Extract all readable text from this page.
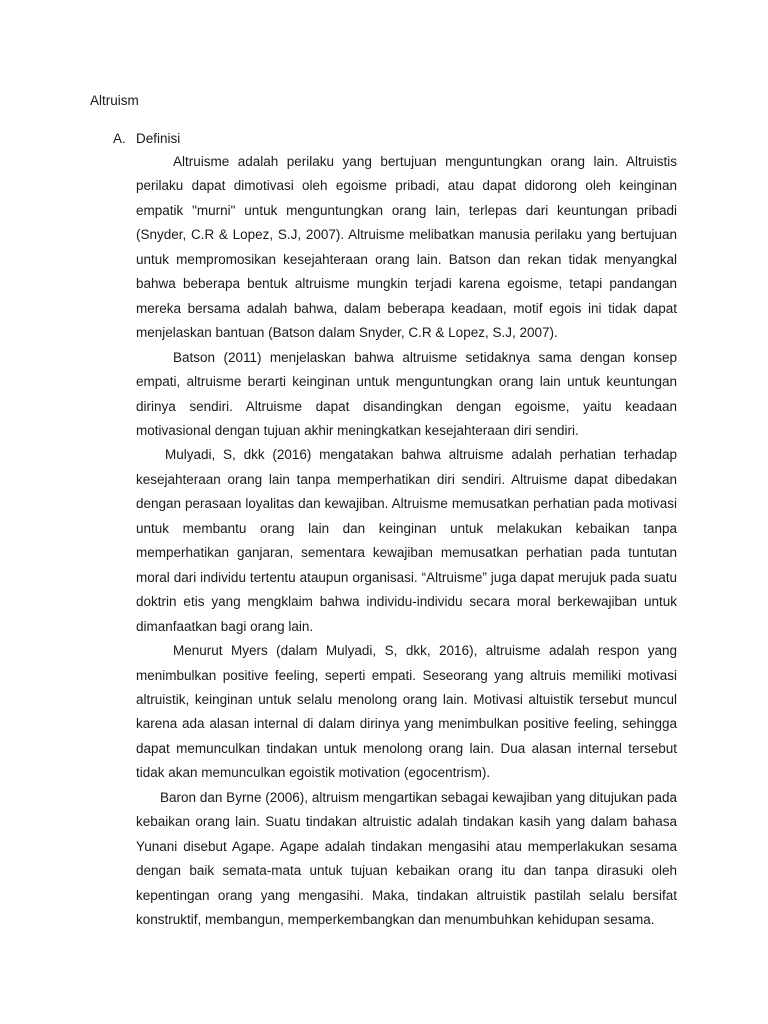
Altruism
A. Definisi

Altruisme adalah perilaku yang bertujuan menguntungkan orang lain. Altruistis perilaku dapat dimotivasi oleh egoisme pribadi, atau dapat didorong oleh keinginan empatik "murni" untuk menguntungkan orang lain, terlepas dari keuntungan pribadi (Snyder, C.R & Lopez, S.J, 2007). Altruisme melibatkan manusia perilaku yang bertujuan untuk mempromosikan kesejahteraan orang lain. Batson dan rekan tidak menyangkal bahwa beberapa bentuk altruisme mungkin terjadi karena egoisme, tetapi pandangan mereka bersama adalah bahwa, dalam beberapa keadaan, motif egois ini tidak dapat menjelaskan bantuan (Batson dalam Snyder, C.R & Lopez, S.J, 2007).

Batson (2011) menjelaskan bahwa altruisme setidaknya sama dengan konsep empati, altruisme berarti keinginan untuk menguntungkan orang lain untuk keuntungan dirinya sendiri. Altruisme dapat disandingkan dengan egoisme, yaitu keadaan motivasional dengan tujuan akhir meningkatkan kesejahteraan diri sendiri.

Mulyadi, S, dkk (2016) mengatakan bahwa altruisme adalah perhatian terhadap kesejahteraan orang lain tanpa memperhatikan diri sendiri. Altruisme dapat dibedakan dengan perasaan loyalitas dan kewajiban. Altruisme memusatkan perhatian pada motivasi untuk membantu orang lain dan keinginan untuk melakukan kebaikan tanpa memperhatikan ganjaran, sementara kewajiban memusatkan perhatian pada tuntutan moral dari individu tertentu ataupun organisasi. “Altruisme” juga dapat merujuk pada suatu doktrin etis yang mengklaim bahwa individu-individu secara moral berkewajiban untuk dimanfaatkan bagi orang lain.

Menurut Myers (dalam Mulyadi, S, dkk, 2016), altruisme adalah respon yang menimbulkan positive feeling, seperti empati. Seseorang yang altruis memiliki motivasi altruistik, keinginan untuk selalu menolong orang lain. Motivasi altuistik tersebut muncul karena ada alasan internal di dalam dirinya yang menimbulkan positive feeling, sehingga dapat memunculkan tindakan untuk menolong orang lain. Dua alasan internal tersebut tidak akan memunculkan egoistik motivation (egocentrism).

Baron dan Byrne (2006), altruism mengartikan sebagai kewajiban yang ditujukan pada kebaikan orang lain. Suatu tindakan altruistic adalah tindakan kasih yang dalam bahasa Yunani disebut Agape. Agape adalah tindakan mengasihi atau memperlakukan sesama dengan baik semata-mata untuk tujuan kebaikan orang itu dan tanpa dirasuki oleh kepentingan orang yang mengasihi. Maka, tindakan altruistik pastilah selalu bersifat konstruktif, membangun, memperkembangkan dan menumbuhkan kehidupan sesama.
